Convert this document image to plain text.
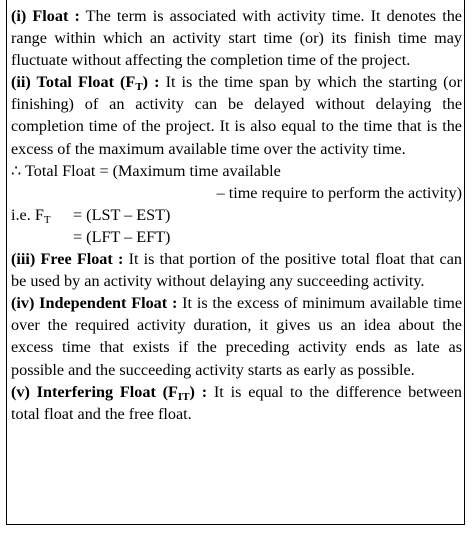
(i) Float : The term is associated with activity time. It denotes the range within which an activity start time (or) its finish time may fluctuate without affecting the completion time of the project.
(ii) Total Float $(F_T)$ : It is the time span by which the starting (or finishing) of an activity can be delayed without delaying the completion time of the project. It is also equal to the time that is the excess of the maximum available time over the activity time.
∴ Total Float = (Maximum time available
– time require to perform the activity)
i.e. $F_T$	= (LST – EST)
= (LFT – EFT)
(iii) Free Float : It is that portion of the positive total float that can be used by an activity without delaying any succeeding activity.
(iv) Independent Float : It is the excess of minimum available time over the required activity duration, it gives us an idea about the excess time that exists if the preceding activity ends as late as possible and the succeeding activity starts as early as possible.
(v) Interfering Float $(F_{IT})$ : It is equal to the difference between total float and the free float.
